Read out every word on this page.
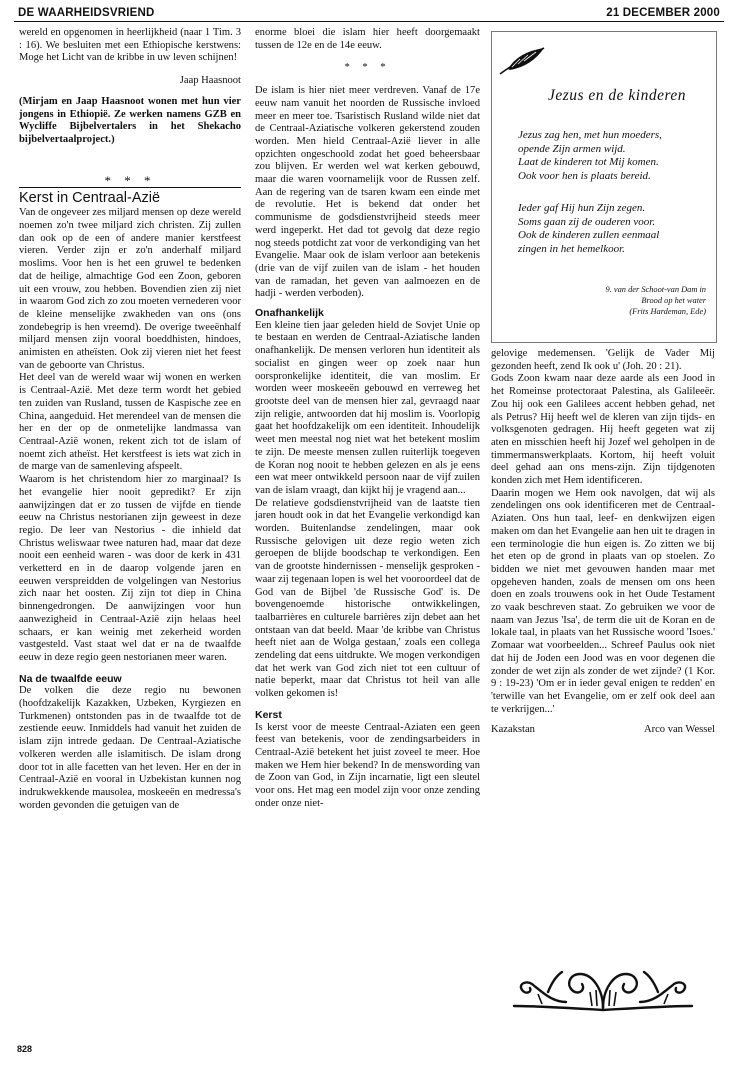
DE WAARHEIDSVRIEND	21 DECEMBER 2000

wereld en opgenomen in heerlijkheid (naar 1 Tim. 3 : 16). We besluiten met een Ethiopische kerstwens: Moge het Licht van de kribbe in uw leven schijnen!

Jaap Haasnoot

(Mirjam en Jaap Haasnoot wonen met hun vier jongens in Ethiopië. Ze werken namens GZB en Wycliffe Bijbelvertalers in het Shekacho bijbelvertaalproject.)

* * *

Kerst in Centraal-Azië

Van de ongeveer zes miljard mensen op deze wereld noemen zo'n twee miljard zich christen. Zij zullen dan ook op de een of andere manier kerstfeest vieren. Verder zijn er zo'n anderhalf miljard moslims. Voor hen is het een gruwel te bedenken dat de heilige, almachtige God een Zoon, geboren uit een vrouw, zou hebben. Bovendien zien zij niet in waarom God zich zo zou moeten vernederen voor de kleine menselijke zwakheden van ons (ons zondebegrip is hen vreemd). De overige tweeënhalf miljard mensen zijn vooral boeddhisten, hindoes, animisten en atheïsten. Ook zij vieren niet het feest van de geboorte van Christus.

Het deel van de wereld waar wij wonen en werken is Centraal-Azië. Met deze term wordt het gebied ten zuiden van Rusland, tussen de Kaspische zee en China, aangeduid. Het merendeel van de mensen die her en der op de onmetelijke landmassa van Centraal-Azië wonen, rekent zich tot de islam of noemt zich atheïst. Het kerstfeest is iets wat zich in de marge van de samenleving afspeelt.

Waarom is het christendom hier zo marginaal? Is het evangelie hier nooit gepredikt? Er zijn aanwijzingen dat er zo tussen de vijfde en tiende eeuw na Christus nestorianen zijn geweest in deze regio. De leer van Nestorius - die inhield dat Christus weliswaar twee naturen had, maar dat deze nooit een eenheid waren - was door de kerk in 431 verketterd en in de daarop volgende jaren en eeuwen verspreidden de volgelingen van Nestorius zich naar het oosten. Zij zijn tot diep in China binnengedrongen. De aanwijzingen voor hun aanwezigheid in Centraal-Azië zijn helaas heel schaars, er kan weinig met zekerheid worden vastgesteld. Vast staat wel dat er na de twaalfde eeuw in deze regio geen nestorianen meer waren.

Na de twaalfde eeuw

De volken die deze regio nu bewonen (hoofdzakelijk Kazakken, Uzbeken, Kyrgiezen en Turkmenen) ontstonden pas in de twaalfde tot de zestiende eeuw. Inmiddels had vanuit het zuiden de islam zijn intrede gedaan. De Centraal-Aziatische volkeren werden alle islamitisch. De islam drong door tot in alle facetten van het leven. Her en der in Centraal-Azië en vooral in Uzbekistan kunnen nog indrukwekkende mausolea, moskeeën en medressa's worden gevonden die getuigen van de

enorme bloei die islam hier heeft doorgemaakt tussen de 12e en de 14e eeuw.

* * *

De islam is hier niet meer verdreven. Vanaf de 17e eeuw nam vanuit het noorden de Russische invloed meer en meer toe. Tsaristisch Rusland wilde niet dat de Centraal-Aziatische volkeren gekerstend zouden worden. Men hield Centraal-Azië liever in alle opzichten ongeschoold zodat het goed beheersbaar zou blijven. Er werden wel wat kerken gebouwd, maar die waren voornamelijk voor de Russen zelf. Aan de regering van de tsaren kwam een einde met de revolutie. Het is bekend dat onder het communisme de godsdienstvrijheid steeds meer werd ingeperkt. Het dad tot gevolg dat deze regio nog steeds potdicht zat voor de verkondiging van het Evangelie. Maar ook de islam verloor aan betekenis (drie van de vijf zuilen van de islam - het houden van de ramadan, het geven van aalmoezen en de hadji - werden verboden).

Onafhankelijk

Een kleine tien jaar geleden hield de Sovjet Unie op te bestaan en werden de Centraal-Aziatische landen onafhankelijk. De mensen verloren hun identiteit als socialist en gingen weer op zoek naar hun oorspronkelijke identiteit, die van moslim. Er worden weer moskeeën gebouwd en verreweg het grootste deel van de mensen hier zal, gevraagd naar zijn religie, antwoorden dat hij moslim is. Voorlopig gaat het hoofdzakelijk om een identiteit. Inhoudelijk weet men meestal nog niet wat het betekent moslim te zijn. De meeste mensen zullen ruiterlijk toegeven de Koran nog nooit te hebben gelezen en als je eens een wat meer ontwikkeld persoon naar de vijf zuilen van de islam vraagt, dan kijkt hij je vragend aan...

De relatieve godsdienstvrijheid van de laatste tien jaren houdt ook in dat het Evangelie verkondigd kan worden. Buitenlandse zendelingen, maar ook Russische gelovigen uit deze regio weten zich geroepen de blijde boodschap te verkondigen. Een van de grootste hindernissen - menselijk gesproken - waar zij tegenaan lopen is wel het vooroordeel dat de God van de Bijbel 'de Russische God' is. De bovengenoemde historische ontwikkelingen, taalbarrières en culturele barrières zijn debet aan het ontstaan van dat beeld. Maar 'de kribbe van Christus heeft niet aan de Wolga gestaan,' zoals een collega zendeling dat eens uitdrukte. We mogen verkondigen dat het werk van God zich niet tot een cultuur of natie beperkt, maar dat Christus tot heil van alle volken gekomen is!

Kerst

Is kerst voor de meeste Centraal-Aziaten een geen feest van betekenis, voor de zendingsarbeiders in Centraal-Azië betekent het juist zoveel te meer. Hoe maken we Hem hier bekend? In de menswording van de Zoon van God, in Zijn incarnatie, ligt een sleutel voor ons. Het mag een model zijn voor onze zending onder onze niet-

Jezus en de kinderen
Jezus zag hen, met hun moeders,
opende Zijn armen wijd.
Laat de kinderen tot Mij komen.
Ook voor hen is plaats bereid.
Ieder gaf Hij hun Zijn zegen.
Soms gaan zij de ouderen voor.
Ook de kinderen zullen eenmaal
zingen in het hemelkoor.
9. van der Schoot-van Dam in
Brood op het water
(Frits Hardeman, Ede)

gelovige medemensen. 'Gelijk de Vader Mij gezonden heeft, zend Ik ook u' (Joh. 20 : 21).

Gods Zoon kwam naar deze aarde als een Jood in het Romeinse protectoraat Palestina, als Galileeër. Zou hij ook een Galilees accent hebben gehad, net als Petrus? Hij heeft wel de kleren van zijn tijds- en volksgenoten gedragen. Hij heeft gegeten wat zij aten en misschien heeft hij Jozef wel geholpen in de timmermanswerkplaats. Kortom, hij heeft voluit deel gehad aan ons mens-zijn. Zijn tijdgenoten konden zich met Hem identificeren.

Daarin mogen we Hem ook navolgen, dat wij als zendelingen ons ook identificeren met de Centraal-Aziaten. Ons hun taal, leef- en denkwijzen eigen maken om dan het Evangelie aan hen uit te dragen in een terminologie die hun eigen is. Zo zitten we bij het eten op de grond in plaats van op stoelen. Zo bidden we niet met gevouwen handen maar met opgeheven handen, zoals de mensen om ons heen doen en zoals trouwens ook in het Oude Testament zo vaak beschreven staat. Zo gebruiken we voor de naam van Jezus 'Isa', de term die uit de Koran en de lokale taal, in plaats van het Russische woord 'Isoes.' Zomaar wat voorbeelden... Schreef Paulus ook niet dat hij de Joden een Jood was en voor degenen die zonder de wet zijn als zonder de wet zijnde? (1 Kor. 9 : 19-23) 'Om er in ieder geval enigen te redden' en 'terwille van het Evangelie, om er zelf ook deel aan te verkrijgen...'

Kazakstan	Arco van Wessel
828
